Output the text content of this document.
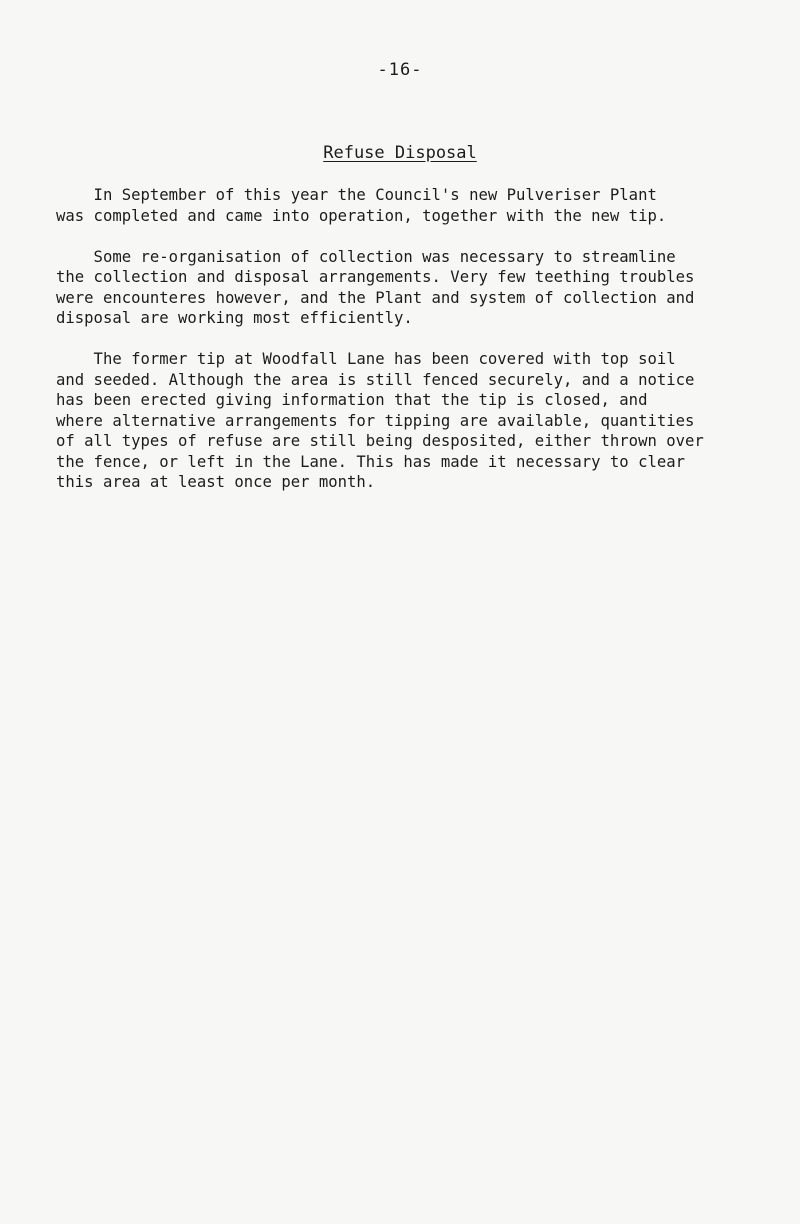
-16-
Refuse Disposal

In September of this year the Council's new Pulveriser Plant
was completed and came into operation, together with the new tip.

Some re-organisation of collection was necessary to streamline
the collection and disposal arrangements. Very few teething troubles
were encounteres however, and the Plant and system of collection and
disposal are working most efficiently.

The former tip at Woodfall Lane has been covered with top soil
and seeded. Although the area is still fenced securely, and a notice
has been erected giving information that the tip is closed, and
where alternative arrangements for tipping are available, quantities
of all types of refuse are still being desposited, either thrown over
the fence, or left in the Lane. This has made it necessary to clear
this area at least once per month.
